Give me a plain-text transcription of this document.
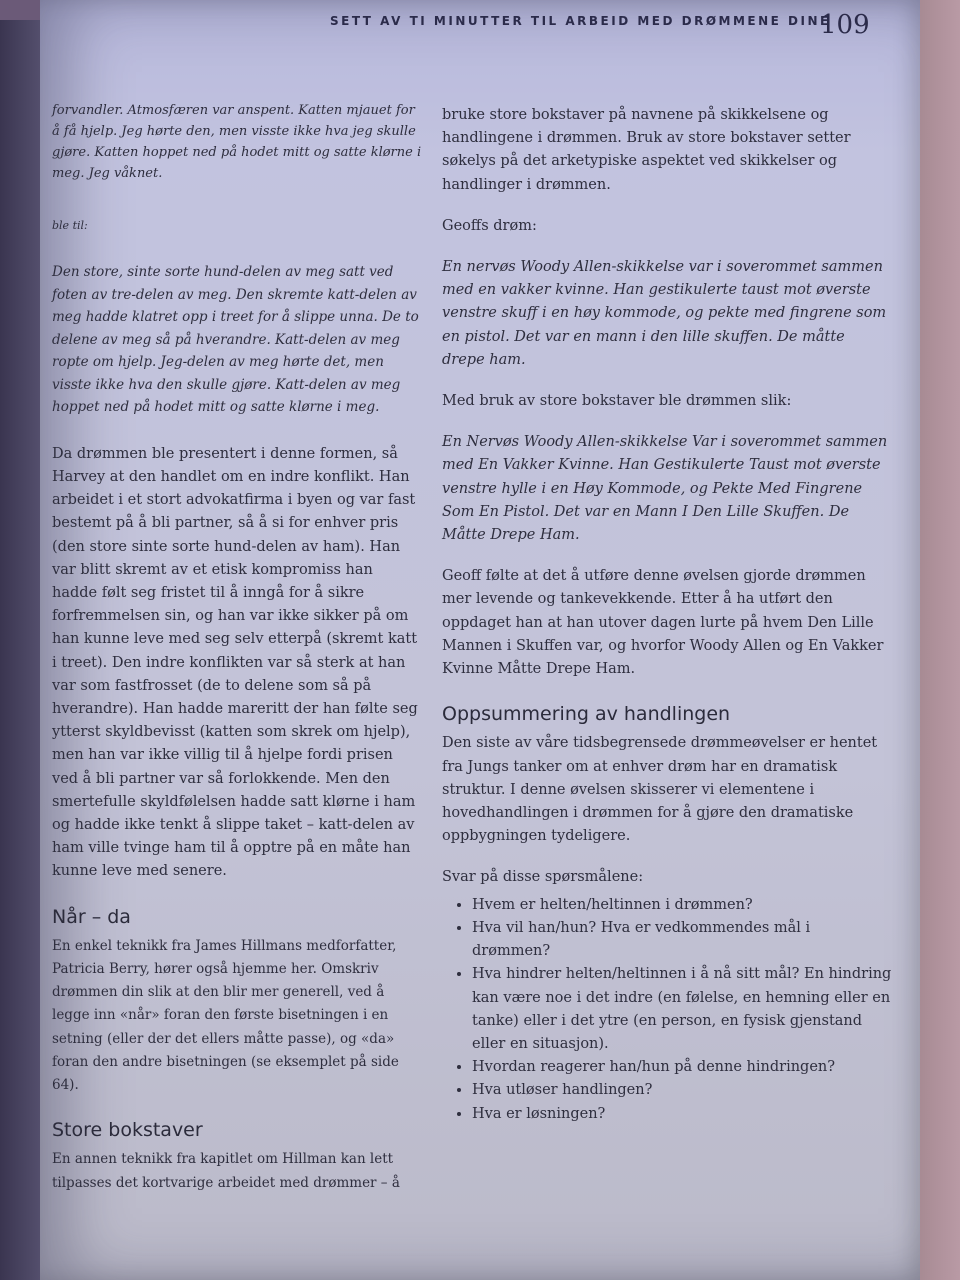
SETT AV TI MINUTTER TIL ARBEID MED DRØMMENE DINE
109

forvandler. Atmosfæren var anspent. Katten mjauet for å få hjelp. Jeg hørte den, men visste ikke hva jeg skulle gjøre. Katten hoppet ned på hodet mitt og satte klørne i meg. Jeg våknet.

ble til:

Den store, sinte sorte hund-delen av meg satt ved foten av tre-delen av meg. Den skremte katt-delen av meg hadde klatret opp i treet for å slippe unna. De to delene av meg så på hverandre. Katt-delen av meg ropte om hjelp. Jeg-delen av meg hørte det, men visste ikke hva den skulle gjøre. Katt-delen av meg hoppet ned på hodet mitt og satte klørne i meg.

Da drømmen ble presentert i denne formen, så Harvey at den handlet om en indre konflikt. Han arbeidet i et stort advokatfirma i byen og var fast bestemt på å bli partner, så å si for enhver pris (den store sinte sorte hund-delen av ham). Han var blitt skremt av et etisk kompromiss han hadde følt seg fristet til å inngå for å sikre forfremmelsen sin, og han var ikke sikker på om han kunne leve med seg selv etterpå (skremt katt i treet). Den indre konflikten var så sterk at han var som fastfrosset (de to delene som så på hverandre). Han hadde mareritt der han følte seg ytterst skyldbevisst (katten som skrek om hjelp), men han var ikke villig til å hjelpe fordi prisen ved å bli partner var så forlokkende. Men den smertefulle skyldfølelsen hadde satt klørne i ham og hadde ikke tenkt å slippe taket – katt-delen av ham ville tvinge ham til å opptre på en måte han kunne leve med senere.

Når – da

En enkel teknikk fra James Hillmans medforfatter, Patricia Berry, hører også hjemme her. Omskriv drømmen din slik at den blir mer generell, ved å legge inn «når» foran den første bisetningen i en setning (eller der det ellers måtte passe), og «da» foran den andre bisetningen (se eksemplet på side 64).

Store bokstaver

En annen teknikk fra kapitlet om Hillman kan lett tilpasses det kortvarige arbeidet med drømmer – å

bruke store bokstaver på navnene på skikkelsene og handlingene i drømmen. Bruk av store bokstaver setter søkelys på det arketypiske aspektet ved skikkelser og handlinger i drømmen.

Geoffs drøm:

En nervøs Woody Allen-skikkelse var i soverommet sammen med en vakker kvinne. Han gestikulerte taust mot øverste venstre skuff i en høy kommode, og pekte med fingrene som en pistol. Det var en mann i den lille skuffen. De måtte drepe ham.

Med bruk av store bokstaver ble drømmen slik:

En Nervøs Woody Allen-skikkelse Var i soverommet sammen med En Vakker Kvinne. Han Gestikulerte Taust mot øverste venstre hylle i en Høy Kommode, og Pekte Med Fingrene Som En Pistol. Det var en Mann I Den Lille Skuffen. De Måtte Drepe Ham.

Geoff følte at det å utføre denne øvelsen gjorde drømmen mer levende og tankevekkende. Etter å ha utført den oppdaget han at han utover dagen lurte på hvem Den Lille Mannen i Skuffen var, og hvorfor Woody Allen og En Vakker Kvinne Måtte Drepe Ham.

Oppsummering av handlingen

Den siste av våre tidsbegrensede drømmeøvelser er hentet fra Jungs tanker om at enhver drøm har en dramatisk struktur. I denne øvelsen skisserer vi elementene i hovedhandlingen i drømmen for å gjøre den dramatiske oppbygningen tydeligere.

Svar på disse spørsmålene:
• Hvem er helten/heltinnen i drømmen?
• Hva vil han/hun? Hva er vedkommendes mål i drømmen?
• Hva hindrer helten/heltinnen i å nå sitt mål? En hindring kan være noe i det indre (en følelse, en hemning eller en tanke) eller i det ytre (en person, en fysisk gjenstand eller en situasjon).
• Hvordan reagerer han/hun på denne hindringen?
• Hva utløser handlingen?
• Hva er løsningen?
